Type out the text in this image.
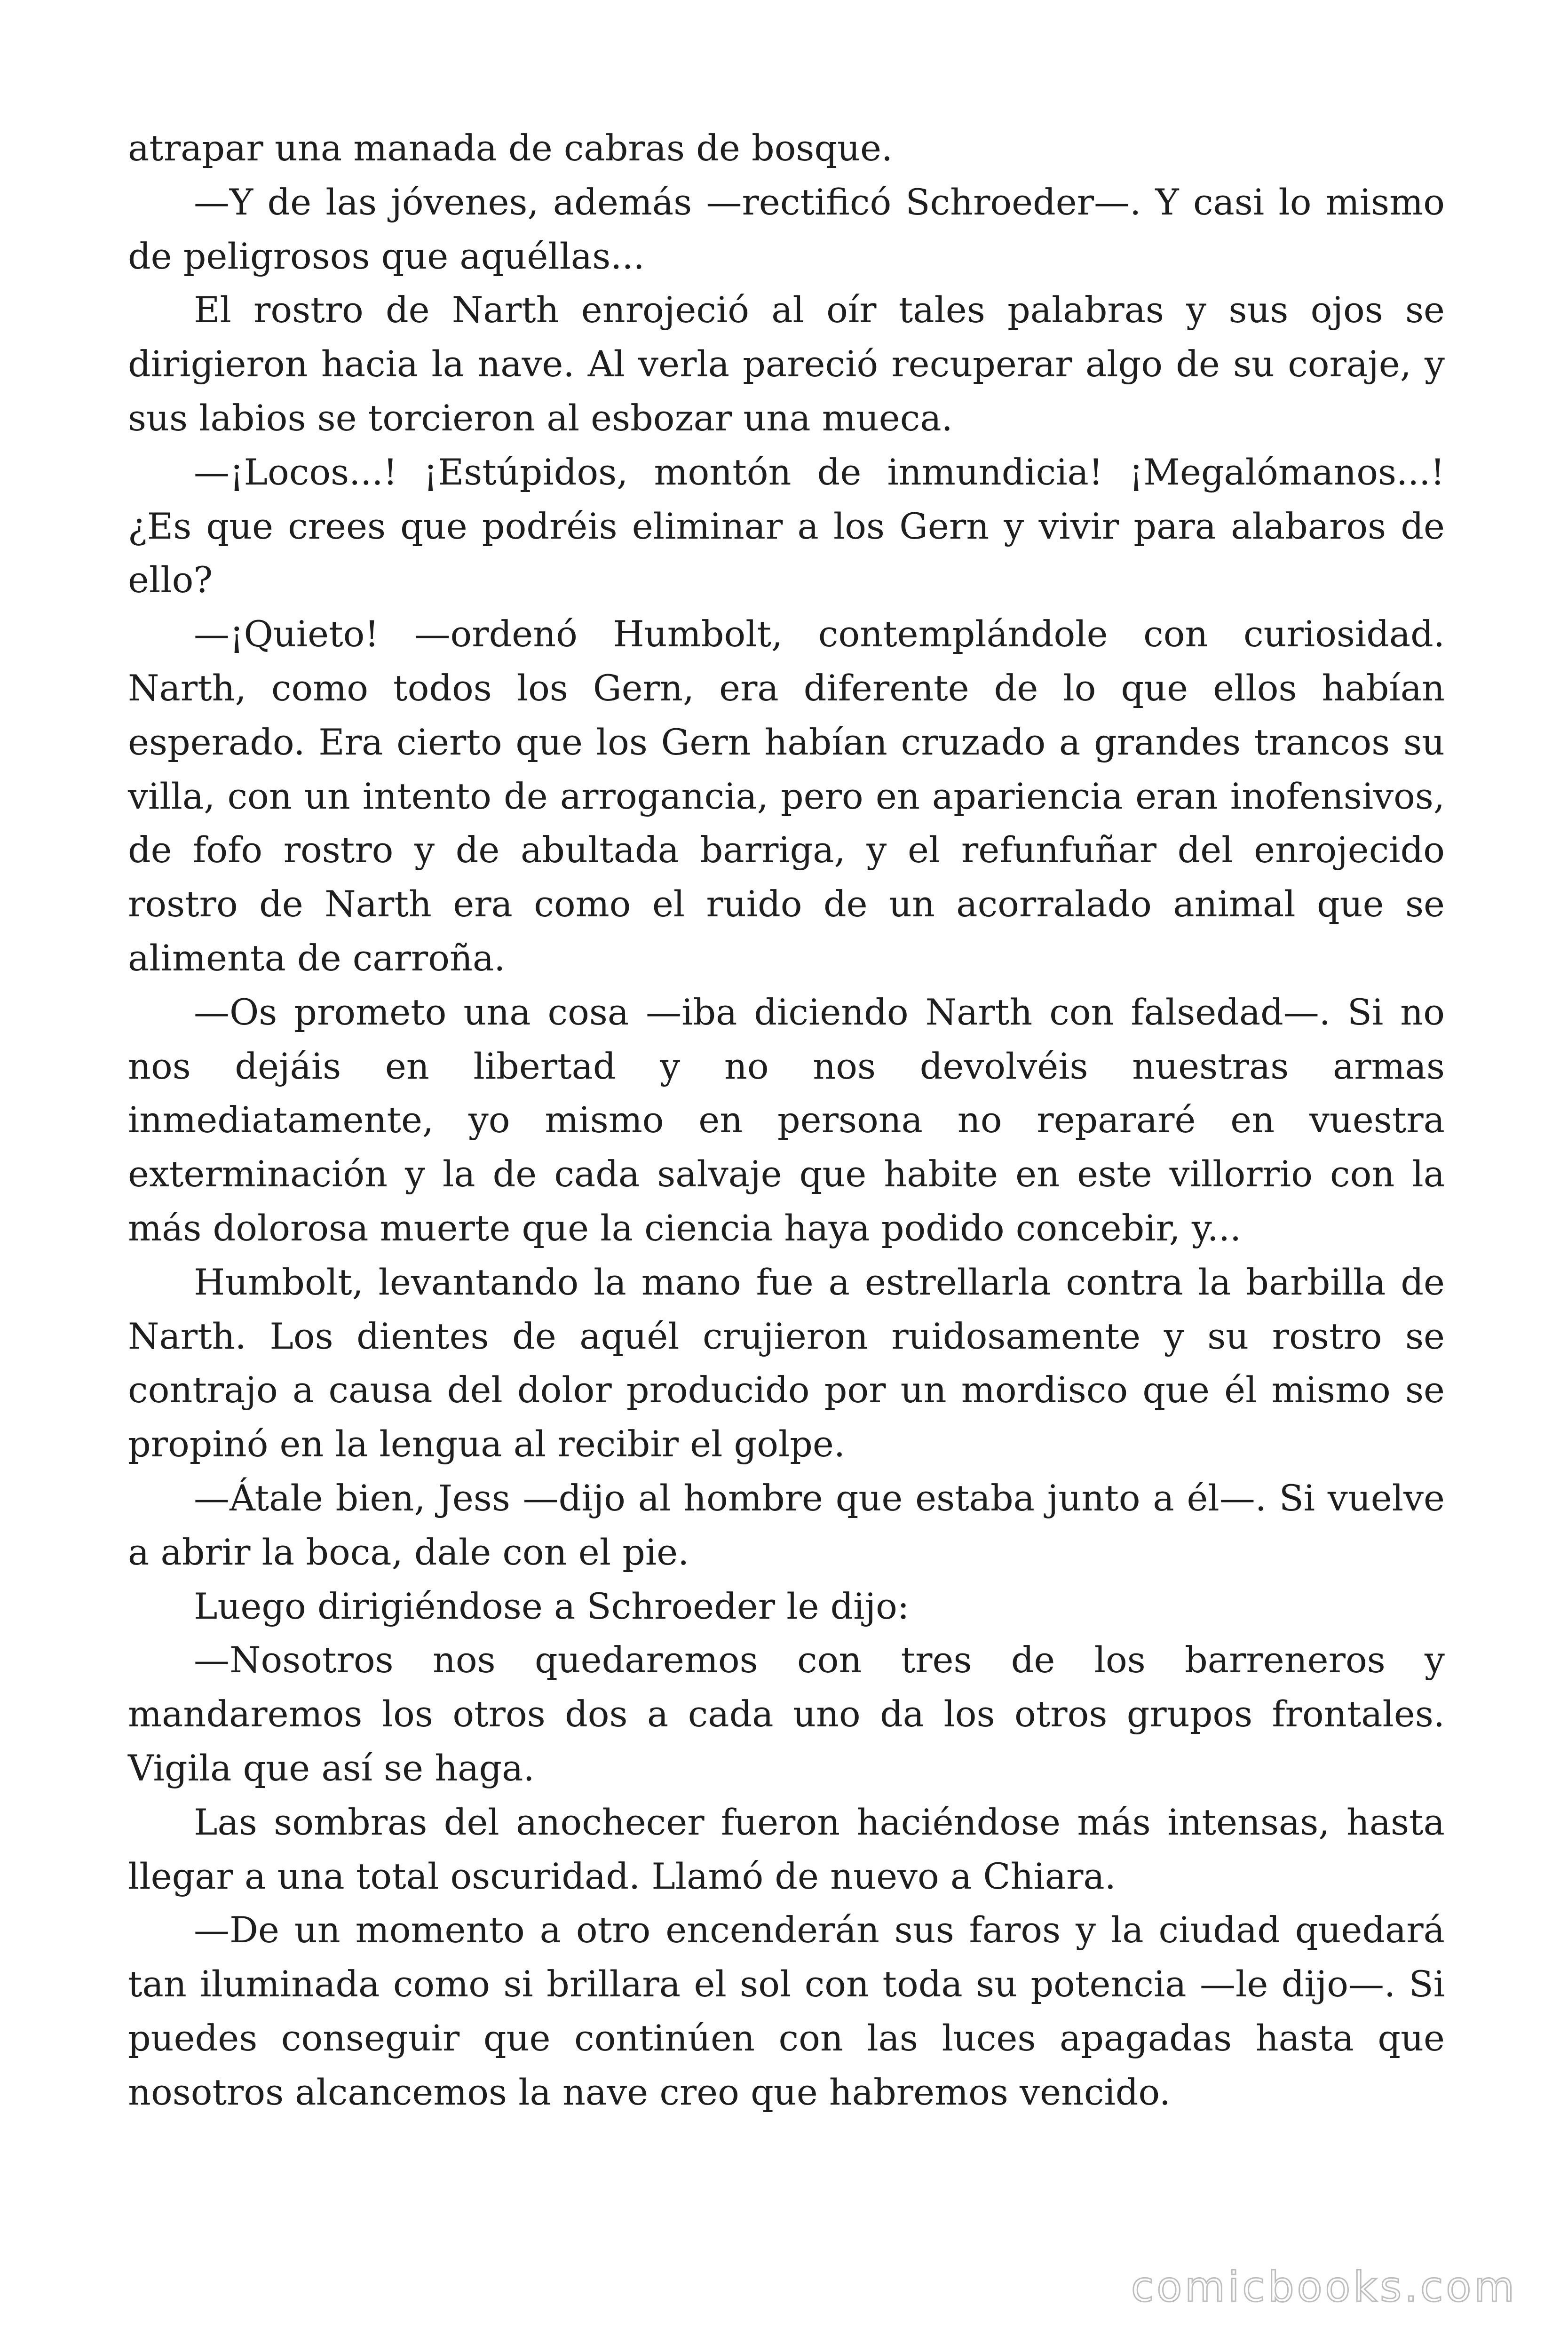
atrapar una manada de cabras de bosque.

—Y de las jóvenes, además —rectificó Schroeder—. Y casi lo mismo de peligrosos que aquéllas...

El rostro de Narth enrojeció al oír tales palabras y sus ojos se dirigieron hacia la nave. Al verla pareció recuperar algo de su coraje, y sus labios se torcieron al esbozar una mueca.

—¡Locos...! ¡Estúpidos, montón de inmundicia! ¡Megalómanos...! ¿Es que crees que podréis eliminar a los Gern y vivir para alabaros de ello?

—¡Quieto! —ordenó Humbolt, contemplándole con curiosidad. Narth, como todos los Gern, era diferente de lo que ellos habían esperado. Era cierto que los Gern habían cruzado a grandes trancos su villa, con un intento de arrogancia, pero en apariencia eran inofensivos, de fofo rostro y de abultada barriga, y el refunfuñar del enrojecido rostro de Narth era como el ruido de un acorralado animal que se alimenta de carroña.

—Os prometo una cosa —iba diciendo Narth con falsedad—. Si no nos dejáis en libertad y no nos devolvéis nuestras armas inmediatamente, yo mismo en persona no repararé en vuestra exterminación y la de cada salvaje que habite en este villorrio con la más dolorosa muerte que la ciencia haya podido concebir, y...

Humbolt, levantando la mano fue a estrellarla contra la barbilla de Narth. Los dientes de aquél crujieron ruidosamente y su rostro se contrajo a causa del dolor producido por un mordisco que él mismo se propinó en la lengua al recibir el golpe.

—Átale bien, Jess —dijo al hombre que estaba junto a él—. Si vuelve a abrir la boca, dale con el pie.

Luego dirigiéndose a Schroeder le dijo:

—Nosotros nos quedaremos con tres de los barreneros y mandaremos los otros dos a cada uno da los otros grupos frontales. Vigila que así se haga.

Las sombras del anochecer fueron haciéndose más intensas, hasta llegar a una total oscuridad. Llamó de nuevo a Chiara.

—De un momento a otro encenderán sus faros y la ciudad quedará tan iluminada como si brillara el sol con toda su potencia —le dijo—. Si puedes conseguir que continúen con las luces apagadas hasta que nosotros alcancemos la nave creo que habremos vencido.

comicbooks.com
